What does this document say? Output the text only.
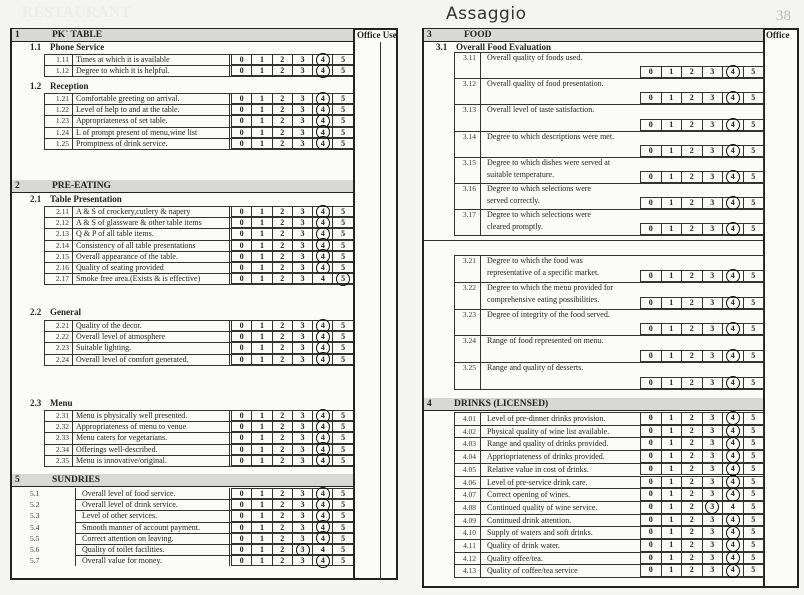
RESTAURANT	Assaggio	38
Office Use
1	PK` TABLE
1.1 Phone Service
1.11 Times at which it is available	0	1	2	3	4	5
1.12 Degree to which it is helpful.	0	1	2	3	4	5
1.2 Reception
1.21 Comfortable greeting on arrival.	0	1	2	3	4	5
1.22 Level of help to and at the table.	0	1	2	3	4	5
1.23 Appropriateness of set table.	0	1	2	3	4	5
1.24 L of prompt present of menu,wine list	0	1	2	3	4	5
1.25 Promptness of drink service.	0	1	2	3	4	5
2	PRE-EATING
2.1 Table Presentation
2.11 A & S of crockery,cutlery & napery	0	1	2	3	4	5
2.12 A & S of glassware & other table items	0	1	2	3	4	5
2.13 Q & P of all table items.	0	1	2	3	4	5
2.14 Consistency of all table presentations	0	1	2	3	4	5
2.15 Overall appearance of the table.	0	1	2	3	4	5
2.16 Quality of seating provided	0	1	2	3	4	5
2.17 Smoke free area.(Exists & is effective)	0	1	2	3	4	5
2.2 General
2.21 Quality of the decor.	0	1	2	3	4	5
2.22 Overall level of atmosphere	0	1	2	3	4	5
2.23 Suitable lighting.	0	1	2	3	4	5
2.24 Overall level of comfort generated.	0	1	2	3	4	5
2.3 Menu
2.31 Menu is physically well presented.	0	1	2	3	4	5
2.32 Appropriateness of menu to venue	0	1	2	3	4	5
2.33 Menu caters for vegetarians.	0	1	2	3	4	5
2.34 Offerings well-described.	0	1	2	3	4	5
2.35 Menu is innovative/original.	0	1	2	3	4	5
5	SUNDRIES
5.1	Overall level of food service.	0	1	2	3	4	5
5.2	Overall level of drink service.	0	1	2	3	4	5
5.3	Level of other services.	0	1	2	3	4	5
5.4	Smooth manner of account payment.	0	1	2	3	4	5
5.5	Correct attention on leaving.	0	1	2	3	4	5
5.6	Quality of toilet facilities.	0	1	2	3	4	5
5.7	Overall value for money.	0	1	2	3	4	5
Office
3	FOOD
3.1 Overall Food Evaluation
3.11 Overall quality of foods used.
0	1	2	3	4	5
3.12 Overall quality of food presentation.
0	1	2	3	4	5
3.13 Overall level of taste satisfaction.
0	1	2	3	4	5
3.14 Degree to which descriptions were met.
0	1	2	3	4	5
3.15 Degree to which dishes were served at
suitable temperature.	0	1	2	3	4	5
3.16 Degree to which selections were
served correctly.	0	1	2	3	4	5
3.17 Degree to which selections were
cleared promptly.	0	1	2	3	4	5
3.21 Degree to which the food was
representative of a specific market.	0	1	2	3	4	5
3.22 Degree to which the menu provided for
comprehensive eating possibilities.	0	1	2	3	4	5
3.23 Degree of integrity of the food served.
0	1	2	3	4	5
3.24 Range of food represented on menu.
0	1	2	3	4	5
3.25 Range and quality of desserts.
0	1	2	3	4	5
4 DRINKS (LICENSED)
4.01 Level of pre-dinner drinks provision.	0	1	2	3	4	5
4.02 Physical quality of wine list available.	0	1	2	3	4	5
4.03 Range and quality of drinks provided.	0	1	2	3	4	5
4.04 Appriopriateness of drinks provided.	0	1	2	3	4	5
4.05 Relative value in cost of drinks.	0	1	2	3	4	5
4.06 Level of pre-service drink care.	0	1	2	3	4	5
4.07 Correct opening of wines.	0	1	2	3	4	5
4.08 Continued quality of wine service.	0	1	2	3	4	5
4.09 Continued drink attention.	0	1	2	3	4	5
4.10 Supply of waters and soft drinks.	0	1	2	3	4	5
4.11 Quality of drink water.	0	1	2	3	4	5
4.12 Quality offee/tea.	0	1	2	3	4	5
4.13 Quality of coffee/tea service	0	1	2	3	4	5
